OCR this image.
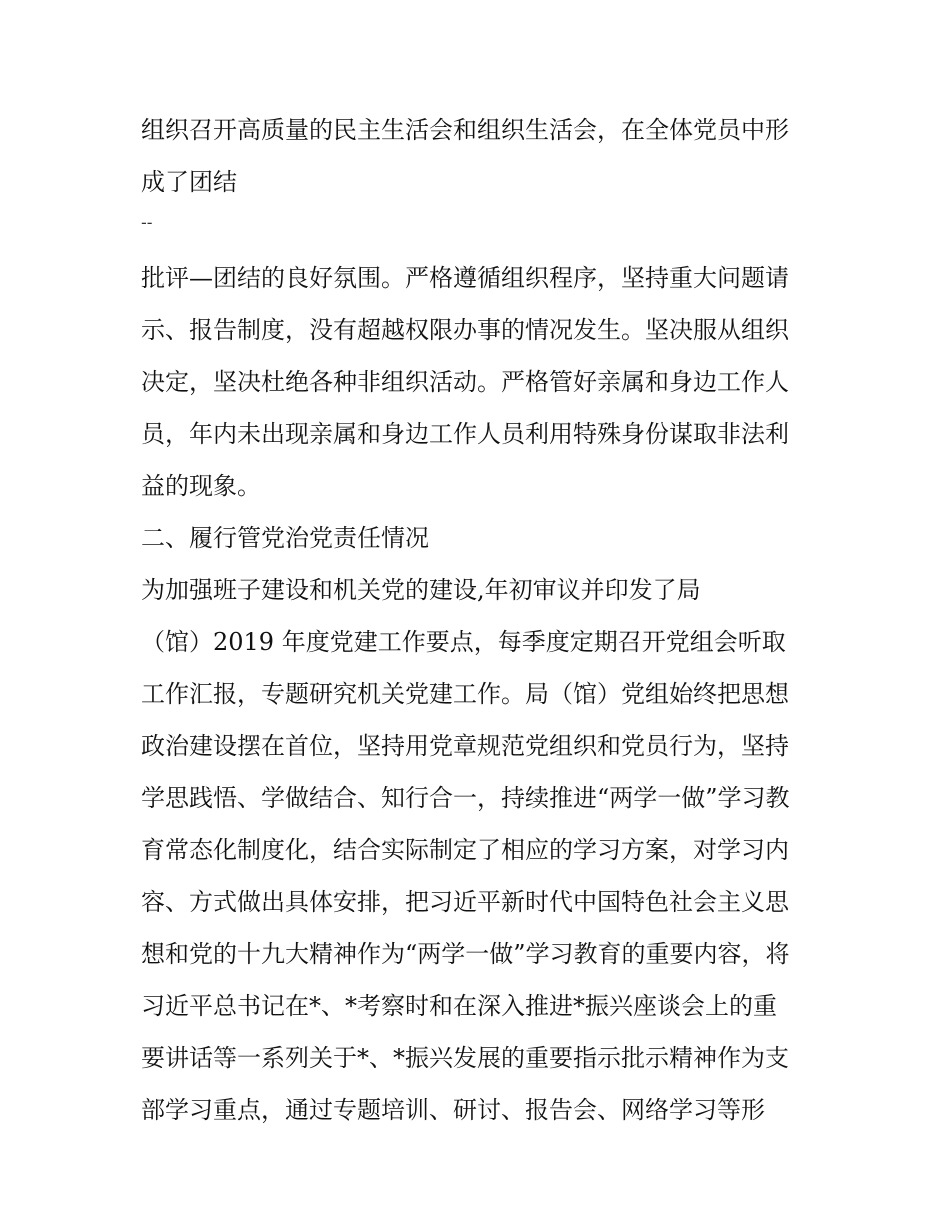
组织召开高质量的民主生活会和组织生活会，在全体党员中形
成了团结
--
批评—团结的良好氛围。严格遵循组织程序，坚持重大问题请
示、报告制度，没有超越权限办事的情况发生。坚决服从组织
决定，坚决杜绝各种非组织活动。严格管好亲属和身边工作人
员，年内未出现亲属和身边工作人员利用特殊身份谋取非法利
益的现象。
二、履行管党治党责任情况
为加强班子建设和机关党的建设,年初审议并印发了局
（馆）2019 年度党建工作要点，每季度定期召开党组会听取
工作汇报，专题研究机关党建工作。局（馆）党组始终把思想
政治建设摆在首位，坚持用党章规范党组织和党员行为，坚持
学思践悟、学做结合、知行合一，持续推进“两学一做”学习教
育常态化制度化，结合实际制定了相应的学习方案，对学习内
容、方式做出具体安排，把习近平新时代中国特色社会主义思
想和党的十九大精神作为“两学一做”学习教育的重要内容，将
习近平总书记在*、*考察时和在深入推进*振兴座谈会上的重
要讲话等一系列关于*、*振兴发展的重要指示批示精神作为支
部学习重点，通过专题培训、研讨、报告会、网络学习等形
